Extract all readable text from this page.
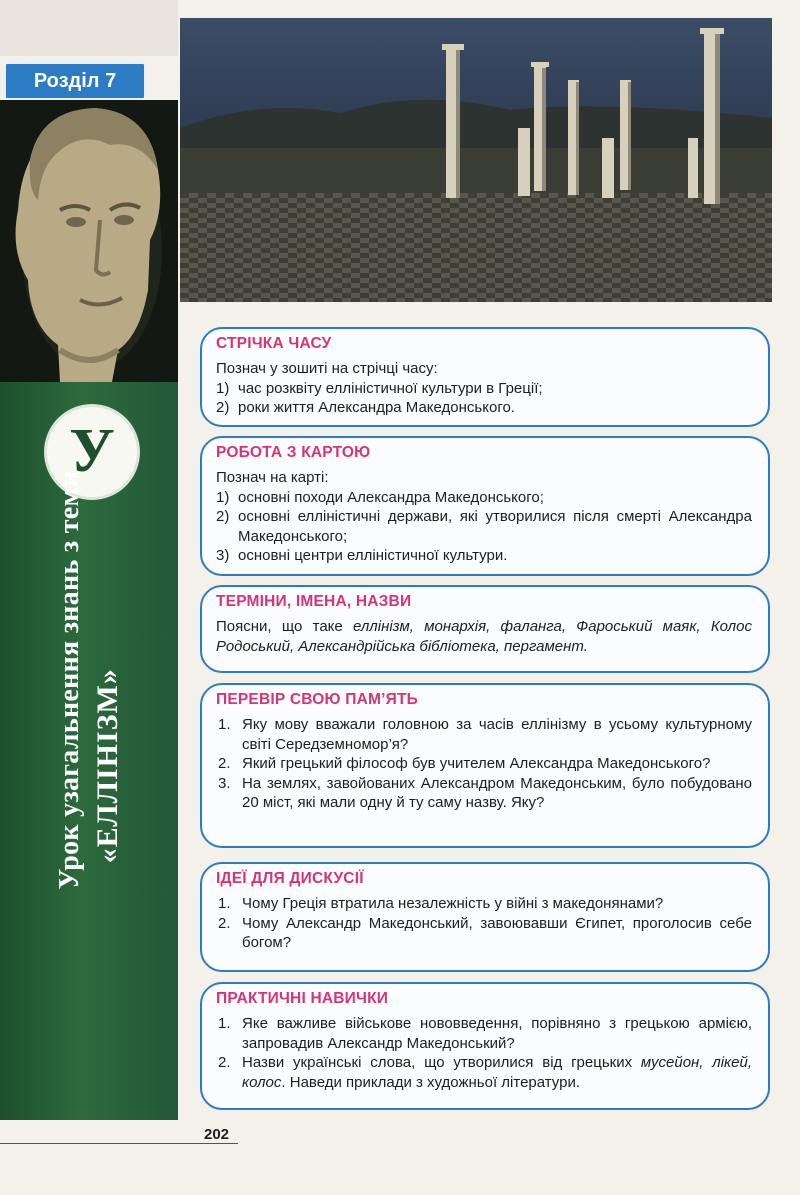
Розділ 7
У
Урок узагальнення знань з теми «ЕЛЛІНІЗМ»
СТРІЧКА ЧАСУ

Познач у зошиті на стрічці часу:

1) час розквіту елліністичної культури в Греції;
2) роки життя Александра Македонського.
РОБОТА З КАРТОЮ

Познач на карті:

1) основні походи Александра Македонського;
2) основні елліністичні держави, які утворилися після смерті Александра Македонського;
3) основні центри елліністичної культури.
ТЕРМІНИ, ІМЕНА, НАЗВИ

Поясни, що таке еллінізм, монархія, фаланга, Фароський маяк, Колос Родоський, Александрійська бібліотека, пергамент.

ПЕРЕВІР СВОЮ ПАМ’ЯТЬ
1. Яку мову вважали головною за часів еллінізму в усьому культурному світі Середземномор’я?
2. Який грецький філософ був учителем Александра Македонського?
3. На землях, завойованих Александром Македонським, було побудовано 20 міст, які мали одну й ту саму назву. Яку?
ІДЕЇ ДЛЯ ДИСКУСІЇ
1. Чому Греція втратила незалежність у війні з македонянами?
2. Чому Александр Македонський, завоювавши Єгипет, проголосив себе богом?
ПРАКТИЧНІ НАВИЧКИ
1. Яке важливе військове нововведення, порівняно з грецькою армією, запровадив Александр Македонський?
2. Назви українські слова, що утворилися від грецьких мусейон, лікей, колос. Наведи приклади з художньої літератури.
202
